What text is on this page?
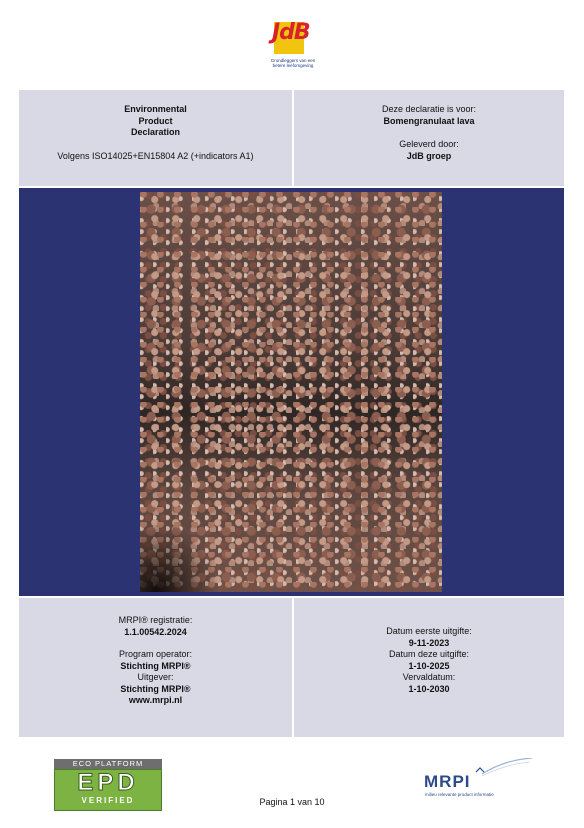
JdB
Grondleggers van een betere leefomgeving
Environmental
Product
Declaration
Volgens ISO14025+EN15804 A2 (+indicators A1)
Deze declaratie is voor:
Bomengranulaat lava
Geleverd door:
JdB groep
MRPI® registratie:
1.1.00542.2024
Program operator:
Stichting MRPI®
Uitgever:
Stichting MRPI®
www.mrpi.nl
Datum eerste uitgifte:
9-11-2023
Datum deze uitgifte:
1-10-2025
Vervaldatum:
1-10-2030
ECO PLATFORM
EPD
VERIFIED	Pagina 1 van 10
MRPI
milieu relevante product informatie
